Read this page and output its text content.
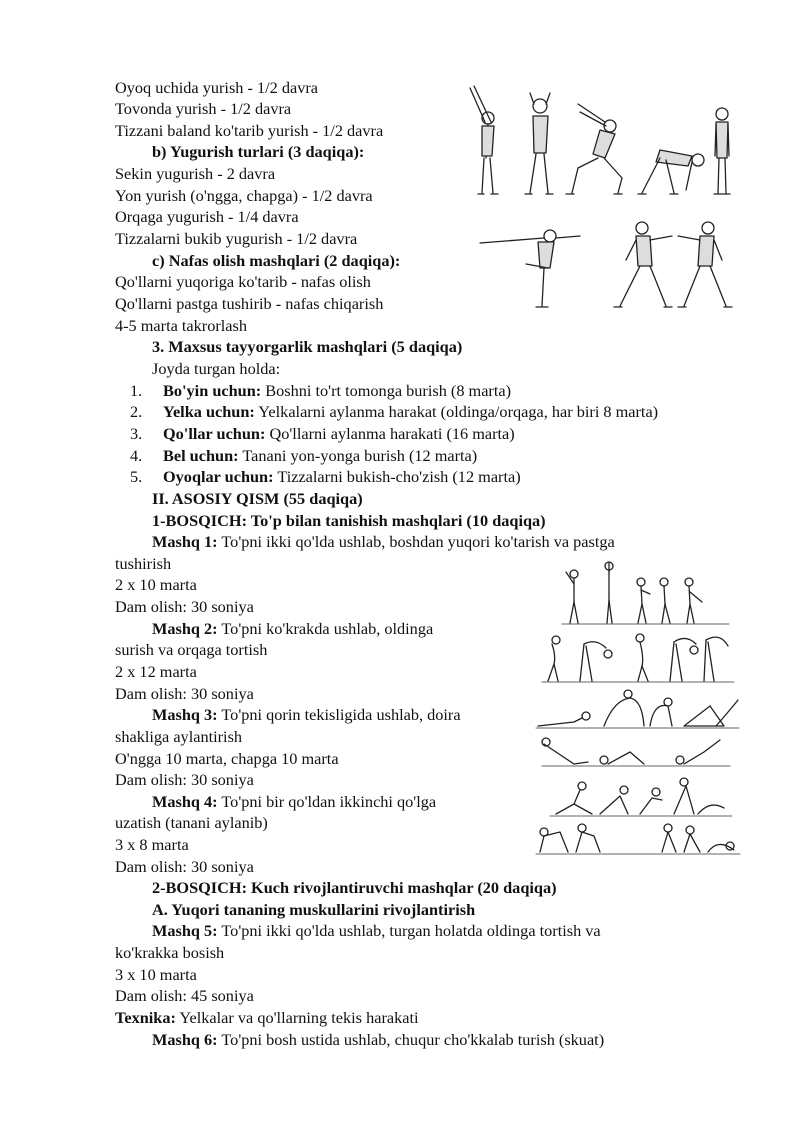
Oyoq uchida yurish - 1/2 davra
Tovonda yurish - 1/2 davra
Tizzani baland ko'tarib yurish - 1/2 davra
b) Yugurish turlari (3 daqiqa):
Sekin yugurish - 2 davra
Yon yurish (o'ngga, chapga) - 1/2 davra
Orqaga yugurish - 1/4 davra
Tizzalarni bukib yugurish - 1/2 davra
c) Nafas olish mashqlari (2 daqiqa):
Qo'llarni yuqoriga ko'tarib - nafas olish
Qo'llarni pastga tushirib - nafas chiqarish
4-5 marta takrorlash
3. Maxsus tayyorgarlik mashqlari (5 daqiqa)
Joyda turgan holda:
1.	Bo'yin uchun: Boshni to'rt tomonga burish (8 marta)
2.	Yelka uchun: Yelkalarni aylanma harakat (oldinga/orqaga, har biri 8 marta)
3.	Qo'llar uchun: Qo'llarni aylanma harakati (16 marta)
4.	Bel uchun: Tanani yon-yonga burish (12 marta)
5.	Oyoqlar uchun: Tizzalarni bukish-cho'zish (12 marta)
II. ASOSIY QISM (55 daqiqa)
1-BOSQICH: To'p bilan tanishish mashqlari (10 daqiqa)
Mashq 1: To'pni ikki qo'lda ushlab, boshdan yuqori ko'tarish va pastga
tushirish
2 x 10 marta
Dam olish: 30 soniya
Mashq 2: To'pni ko'krakda ushlab, oldinga
surish va orqaga tortish
2 x 12 marta
Dam olish: 30 soniya
Mashq 3: To'pni qorin tekisligida ushlab, doira
shakliga aylantirish
O'ngga 10 marta, chapga 10 marta
Dam olish: 30 soniya
Mashq 4: To'pni bir qo'ldan ikkinchi qo'lga
uzatish (tanani aylanib)
3 x 8 marta
Dam olish: 30 soniya
2-BOSQICH: Kuch rivojlantiruvchi mashqlar (20 daqiqa)
A. Yuqori tananing muskullarini rivojlantirish
Mashq 5: To'pni ikki qo'lda ushlab, turgan holatda oldinga tortish va
ko'krakka bosish
3 x 10 marta
Dam olish: 45 soniya
Texnika: Yelkalar va qo'llarning tekis harakati
Mashq 6: To'pni bosh ustida ushlab, chuqur cho'kkalab turish (skuat)
